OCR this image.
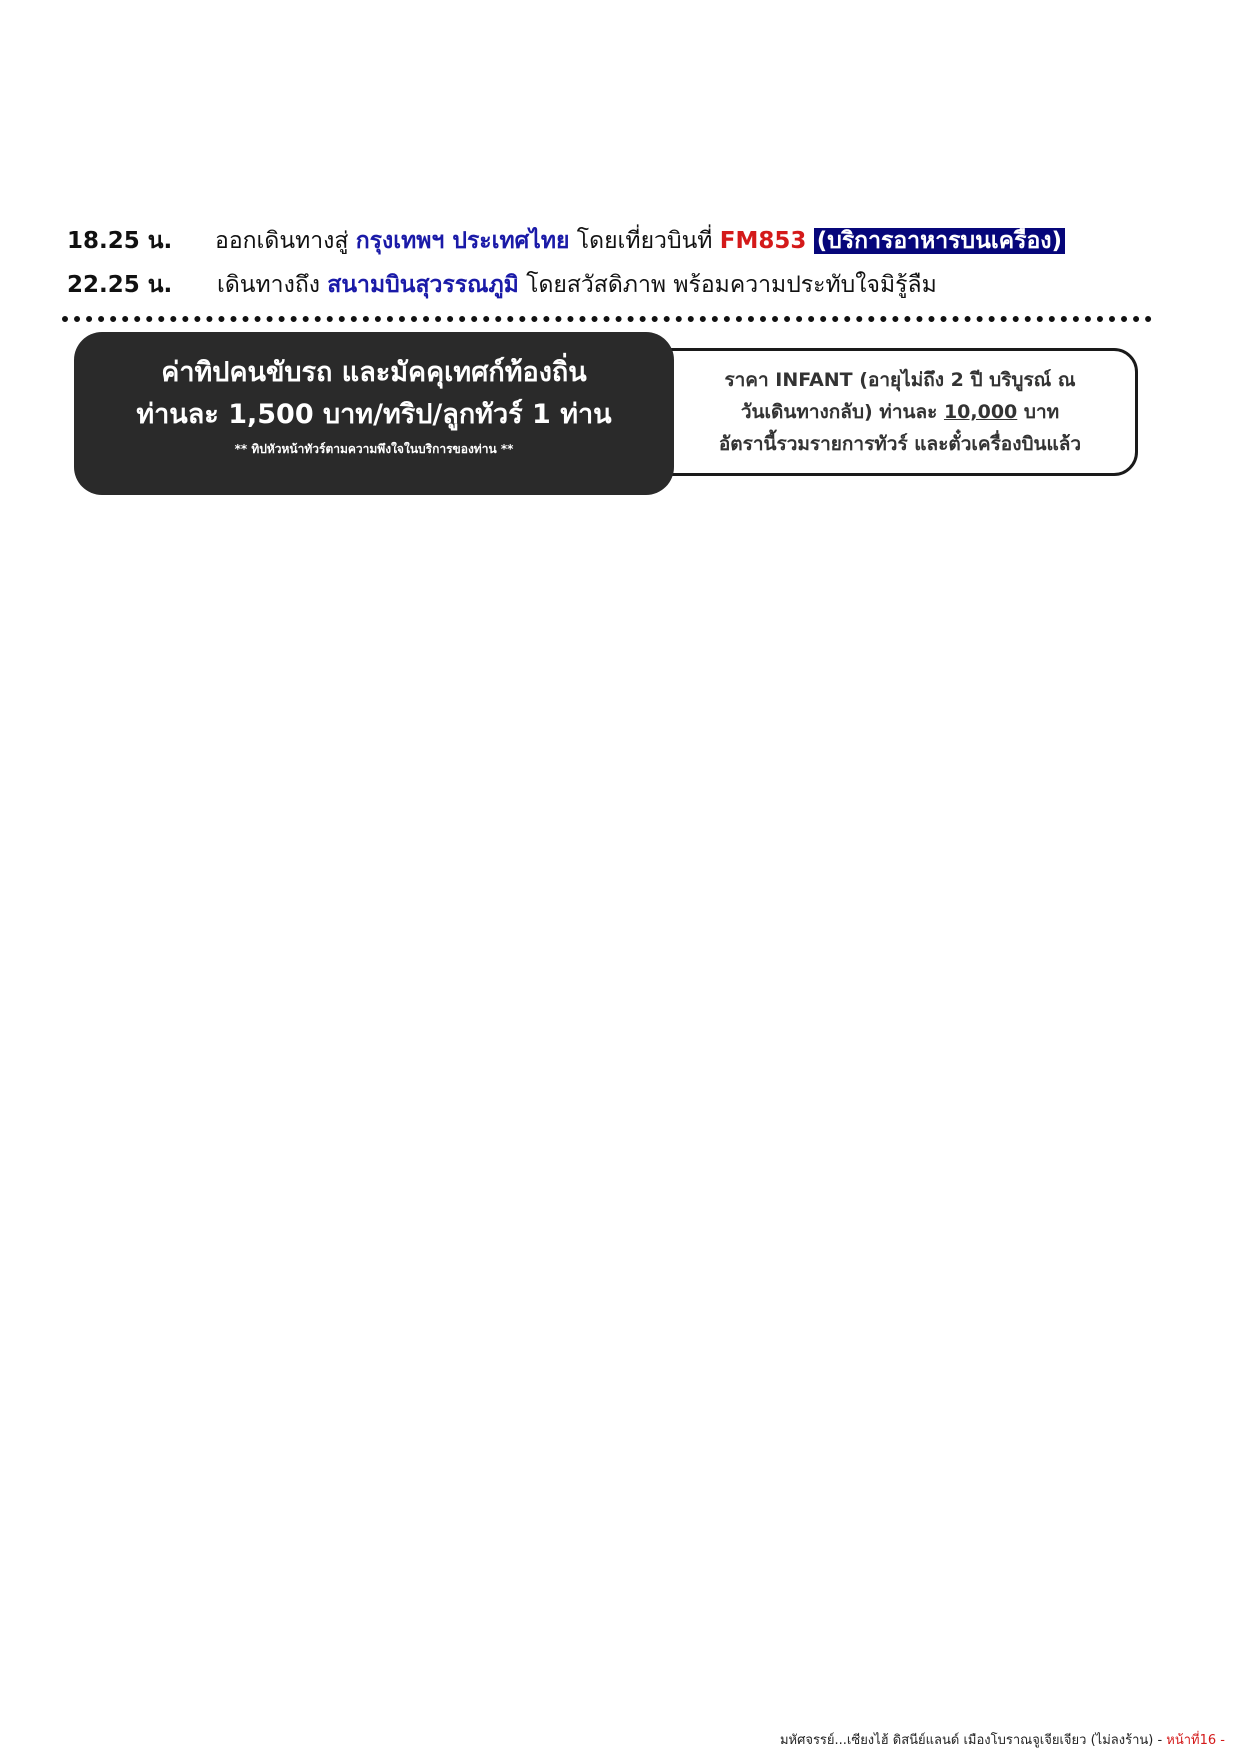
18.25 น. ออกเดินทางสู่ กรุงเทพฯ ประเทศไทย โดยเที่ยวบินที่ FM853 (บริการอาหารบนเครื่อง)
22.25 น. เดินทางถึง สนามบินสุวรรณภูมิ โดยสวัสดิภาพ พร้อมความประทับใจมิรู้ลืม
ราคา INFANT (อายุไม่ถึง 2 ปี บริบูรณ์ ณ
วันเดินทางกลับ) ท่านละ 10,000 บาท
อัตรานี้รวมรายการทัวร์ และตั๋วเครื่องบินแล้ว
ค่าทิปคนขับรถ และมัคคุเทศก์ท้องถิ่น
ท่านละ 1,500 บาท/ทริป/ลูกทัวร์ 1 ท่าน
** ทิปหัวหน้าทัวร์ตามความพึงใจในบริการของท่าน **
มหัศจรรย์...เซียงไฮ้ ดิสนีย์แลนด์ เมืองโบราณจูเจียเจียว (ไม่ลงร้าน) - หน้าที่16 -
